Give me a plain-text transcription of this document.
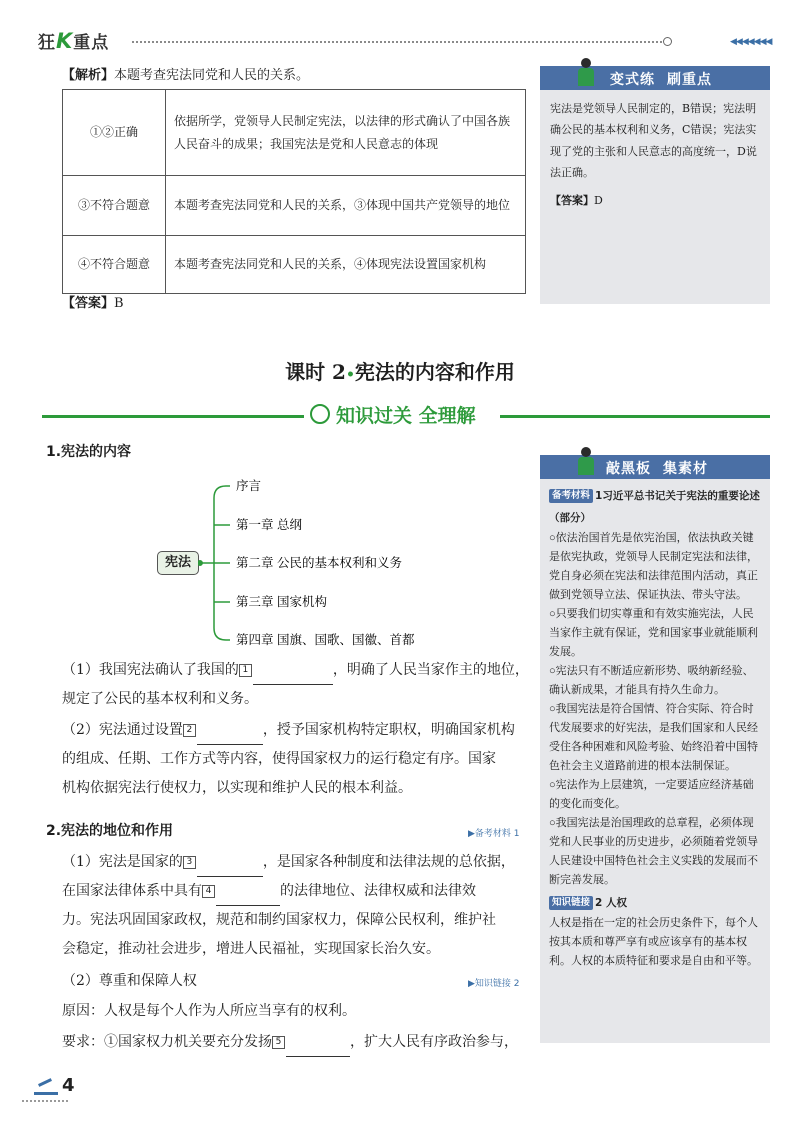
狂K重点	◀◀◀◀◀◀◀
【解析】本题考查宪法同党和人民的关系。
①②正确	依据所学，党领导人民制定宪法，以法律的形式确认了中国各族人民奋斗的成果；我国宪法是党和人民意志的体现
③不符合题意	本题考查宪法同党和人民的关系，③体现中国共产党领导的地位
④不符合题意	本题考查宪法同党和人民的关系，④体现宪法设置国家机构
【答案】B
变式练 刷重点
宪法是党领导人民制定的，B错误；宪法明确公民的基本权利和义务，C错误；宪法实现了党的主张和人民意志的高度统一，D说法正确。
【答案】D
课时 2•宪法的内容和作用
知识过关 全理解
1.宪法的内容
宪法
序言
第一章 总纲
第二章 公民的基本权利和义务
第三章 国家机构
第四章 国旗、国歌、国徽、首都
（1）我国宪法确认了我国的 1	，明确了人民当家作主的地位，
规定了公民的基本权利和义务。
（2）宪法通过设置 2	，授予国家机构特定职权，明确国家机构
的组成、任期、工作方式等内容，使得国家权力的运行稳定有序。国家
机构依据宪法行使权力，以实现和维护人民的根本利益。
2.宪法的地位和作用	▶备考材料 1
（1）宪法是国家的 3	，是国家各种制度和法律法规的总依据，
在国家法律体系中具有 4	的法律地位、法律权威和法律效
力。宪法巩固国家政权，规范和制约国家权力，保障公民权利，维护社
会稳定，推动社会进步，增进人民福祉，实现国家长治久安。
（2）尊重和保障人权	▶知识链接 2
原因：人权是每个人作为人所应当享有的权利。
要求：①国家权力机关要充分发扬 5	，扩大人民有序政治参与，
敲黑板 集素材
备考材料 1习近平总书记关于宪法的重要论述（部分）
○依法治国首先是依宪治国，依法执政关键是依宪执政，党领导人民制定宪法和法律，党自身必须在宪法和法律范围内活动，真正做到党领导立法、保证执法、带头守法。
○只要我们切实尊重和有效实施宪法，人民当家作主就有保证，党和国家事业就能顺利发展。
○宪法只有不断适应新形势、吸纳新经验、确认新成果，才能具有持久生命力。
○我国宪法是符合国情、符合实际、符合时代发展要求的好宪法，是我们国家和人民经受住各种困难和风险考验、始终沿着中国特色社会主义道路前进的根本法制保证。
○宪法作为上层建筑，一定要适应经济基础的变化而变化。
○我国宪法是治国理政的总章程，必须体现党和人民事业的历史进步，必须随着党领导人民建设中国特色社会主义实践的发展而不断完善发展。
知识链接 2 人权
人权是指在一定的社会历史条件下，每个人按其本质和尊严享有或应该享有的基本权利。人权的本质特征和要求是自由和平等。
4
